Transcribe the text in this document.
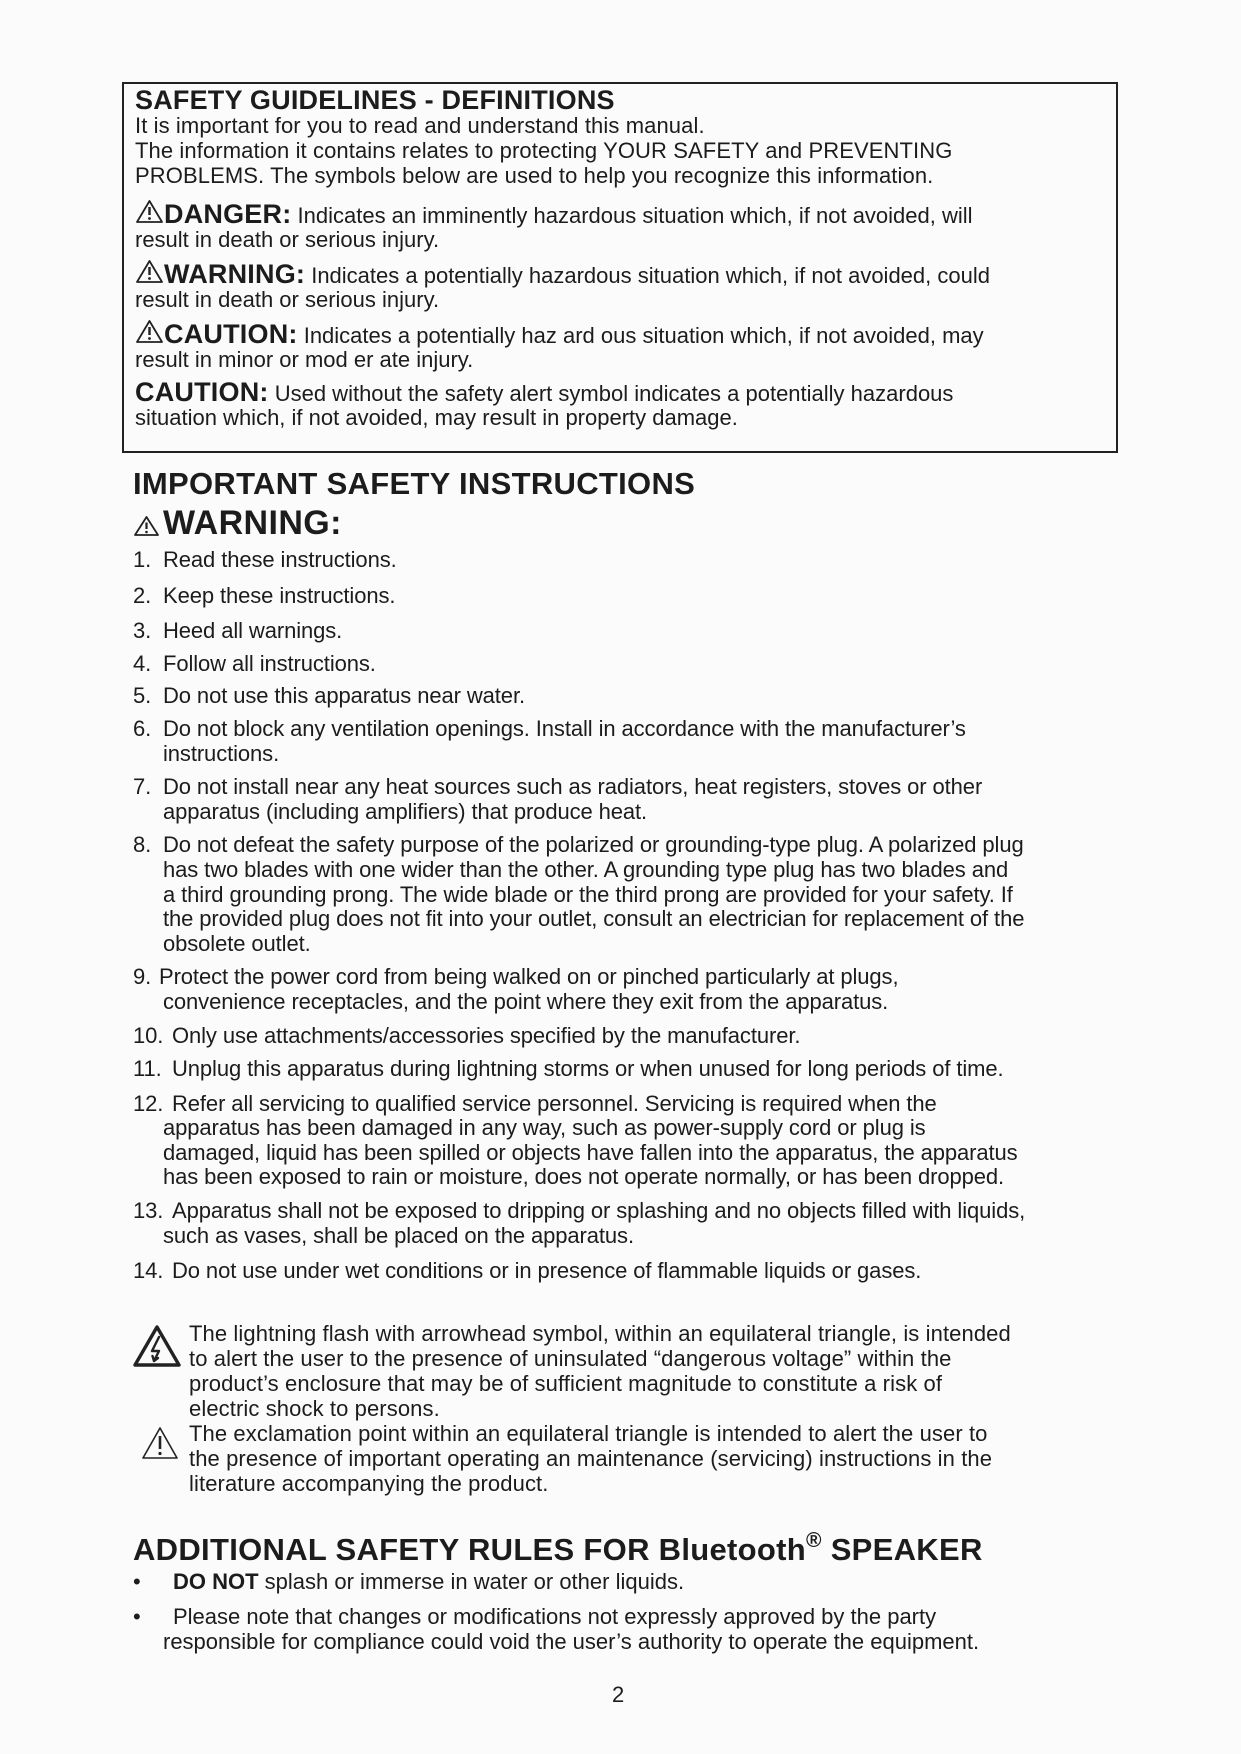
SAFETY GUIDELINES - DEFINITIONS
It is important for you to read and understand this manual.
The information it contains relates to protecting YOUR SAFETY and PREVENTING
PROBLEMS. The symbols below are used to help you recognize this information.
DANGER: Indicates an imminently hazardous situation which, if not avoided, will
result in death or serious injury.
WARNING: Indicates a potentially hazardous situation which, if not avoided, could
result in death or serious injury.
CAUTION: Indicates a potentially haz ard ous situation which, if not avoided, may
result in minor or mod er ate injury.
CAUTION: Used without the safety alert symbol indicates a potentially hazardous
situation which, if not avoided, may result in property damage.
IMPORTANT SAFETY INSTRUCTIONS
WARNING:
1. Read these instructions.
2. Keep these instructions.
3. Heed all warnings.
4. Follow all instructions.
5. Do not use this apparatus near water.
6. Do not block any ventilation openings. Install in accordance with the manufacturer’s
instructions.
7. Do not install near any heat sources such as radiators, heat registers, stoves or other
apparatus (including amplifiers) that produce heat.
8. Do not defeat the safety purpose of the polarized or grounding-type plug. A polarized plug
has two blades with one wider than the other. A grounding type plug has two blades and
a third grounding prong. The wide blade or the third prong are provided for your safety. If
the provided plug does not fit into your outlet, consult an electrician for replacement of the
obsolete outlet.
9. Protect the power cord from being walked on or pinched particularly at plugs,
convenience receptacles, and the point where they exit from the apparatus.
10. Only use attachments/accessories specified by the manufacturer.
11. Unplug this apparatus during lightning storms or when unused for long periods of time.
12. Refer all servicing to qualified service personnel. Servicing is required when the
apparatus has been damaged in any way, such as power-supply cord or plug is
damaged, liquid has been spilled or objects have fallen into the apparatus, the apparatus
has been exposed to rain or moisture, does not operate normally, or has been dropped.
13. Apparatus shall not be exposed to dripping or splashing and no objects filled with liquids,
such as vases, shall be placed on the apparatus.
14. Do not use under wet conditions or in presence of flammable liquids or gases.
The lightning flash with arrowhead symbol, within an equilateral triangle, is intended
to alert the user to the presence of uninsulated “dangerous voltage” within the
product’s enclosure that may be of sufficient magnitude to constitute a risk of
electric shock to persons.
The exclamation point within an equilateral triangle is intended to alert the user to
the presence of important operating an maintenance (servicing) instructions in the
literature accompanying the product.
ADDITIONAL SAFETY RULES FOR Bluetooth® SPEAKER
• DO NOT splash or immerse in water or other liquids.
• Please note that changes or modifications not expressly approved by the party
responsible for compliance could void the user’s authority to operate the equipment.
2
